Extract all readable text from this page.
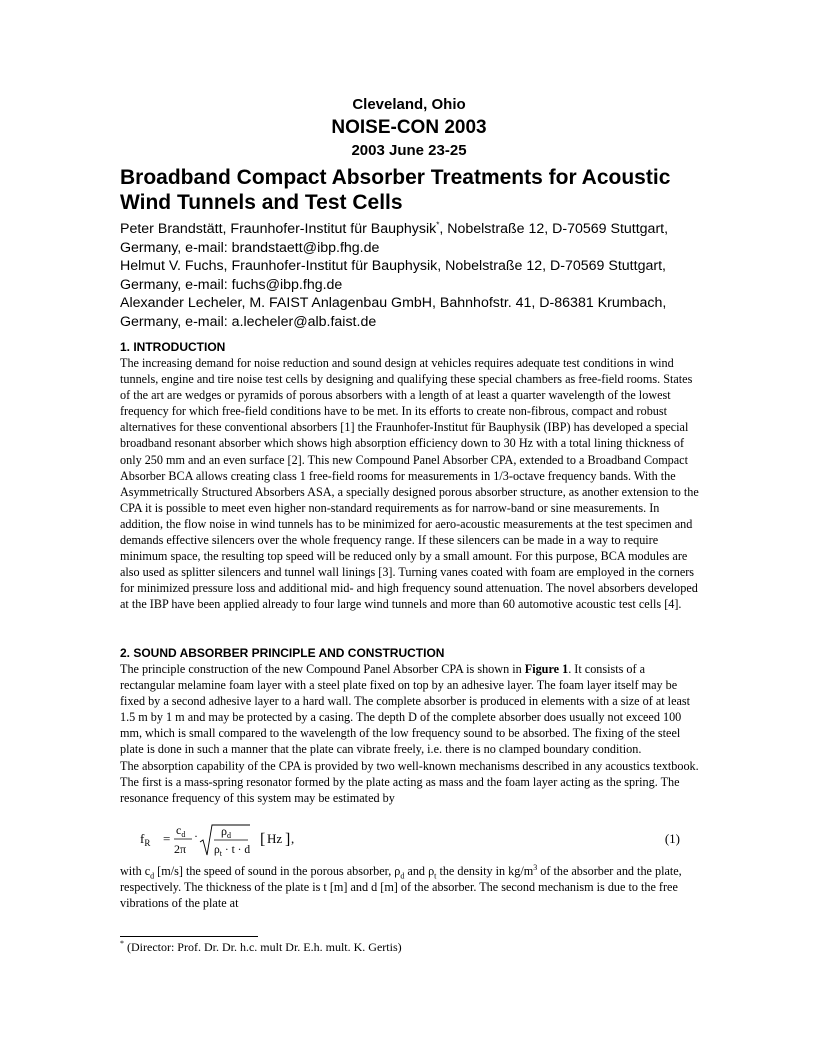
Cleveland, Ohio
NOISE-CON 2003
2003 June 23-25
Broadband Compact Absorber Treatments for Acoustic
Wind Tunnels and Test Cells

Peter Brandstätt, Fraunhofer-Institut für Bauphysik*, Nobelstraße 12, D-70569 Stuttgart,

Germany, e-mail: brandstaett@ibp.fhg.de

Helmut V. Fuchs, Fraunhofer-Institut für Bauphysik, Nobelstraße 12, D-70569 Stuttgart,

Germany, e-mail: fuchs@ibp.fhg.de

Alexander Lecheler, M. FAIST Anlagenbau GmbH, Bahnhofstr. 41, D-86381 Krumbach,

Germany, e-mail: a.lecheler@alb.faist.de

1. INTRODUCTION

The increasing demand for noise reduction and sound design at vehicles requires adequate test conditions in wind tunnels, engine and tire noise test cells by designing and qualifying these special chambers as free-field rooms. States of the art are wedges or pyramids of porous absorbers with a length of at least a quarter wavelength of the lowest frequency for which free-field conditions have to be met. In its efforts to create non-fibrous, compact and robust alternatives for these conventional absorbers [1] the Fraunhofer-Institut für Bauphysik (IBP) has developed a special broadband resonant absorber which shows high absorption efficiency down to 30 Hz with a total lining thickness of only 250 mm and an even surface [2]. This new Compound Panel Absorber CPA, extended to a Broadband Compact Absorber BCA allows creating class 1 free-field rooms for measurements in 1/3-octave frequency bands. With the Asymmetrically Structured Absorbers ASA, a specially designed porous absorber structure, as another extension to the CPA it is possible to meet even higher non-standard requirements as for narrow-band or sine measurements. In addition, the flow noise in wind tunnels has to be minimized for aero-acoustic measurements at the test specimen and demands effective silencers over the whole frequency range. If these silencers can be made in a way to require minimum space, the resulting top speed will be reduced only by a small amount. For this purpose, BCA modules are also used as splitter silencers and tunnel wall linings [3]. Turning vanes coated with foam are employed in the corners for minimized pressure loss and additional mid- and high frequency sound attenuation. The novel absorbers developed at the IBP have been applied already to four large wind tunnels and more than 60 automotive acoustic test cells [4].

2. SOUND ABSORBER PRINCIPLE AND CONSTRUCTION

The principle construction of the new Compound Panel Absorber CPA is shown in Figure 1. It consists of a rectangular melamine foam layer with a steel plate fixed on top by an adhesive layer. The foam layer itself may be fixed by a second adhesive layer to a hard wall. The complete absorber is produced in elements with a size of at least 1.5 m by 1 m and may be protected by a casing. The depth D of the complete absorber does usually not exceed 100 mm, which is small compared to the wavelength of the low frequency sound to be absorbed. The fixing of the steel plate is done in such a manner that the plate can vibrate freely, i.e. there is no clamped boundary condition.

The absorption capability of the CPA is provided by two well-known mechanisms described in any acoustics textbook. The first is a mass-spring resonator formed by the plate acting as mass and the foam layer acting as the spring. The resonance frequency of this system may be estimated by

$f_R$ =
$c_d$
2π
· $\rho_d$
$\rho_t \cdot t \cdot d$
[ Hz ] ,	(1)

with $c_d$ [m/s] the speed of sound in the porous absorber, $\rho_d$ and $\rho_t$ the density in $kg/m^3$ of the absorber and the plate, respectively. The thickness of the plate is t [m] and d [m] of the absorber. The second mechanism is due to the free vibrations of the plate at

* (Director: Prof. Dr. Dr. h.c. mult Dr. E.h. mult. K. Gertis)
